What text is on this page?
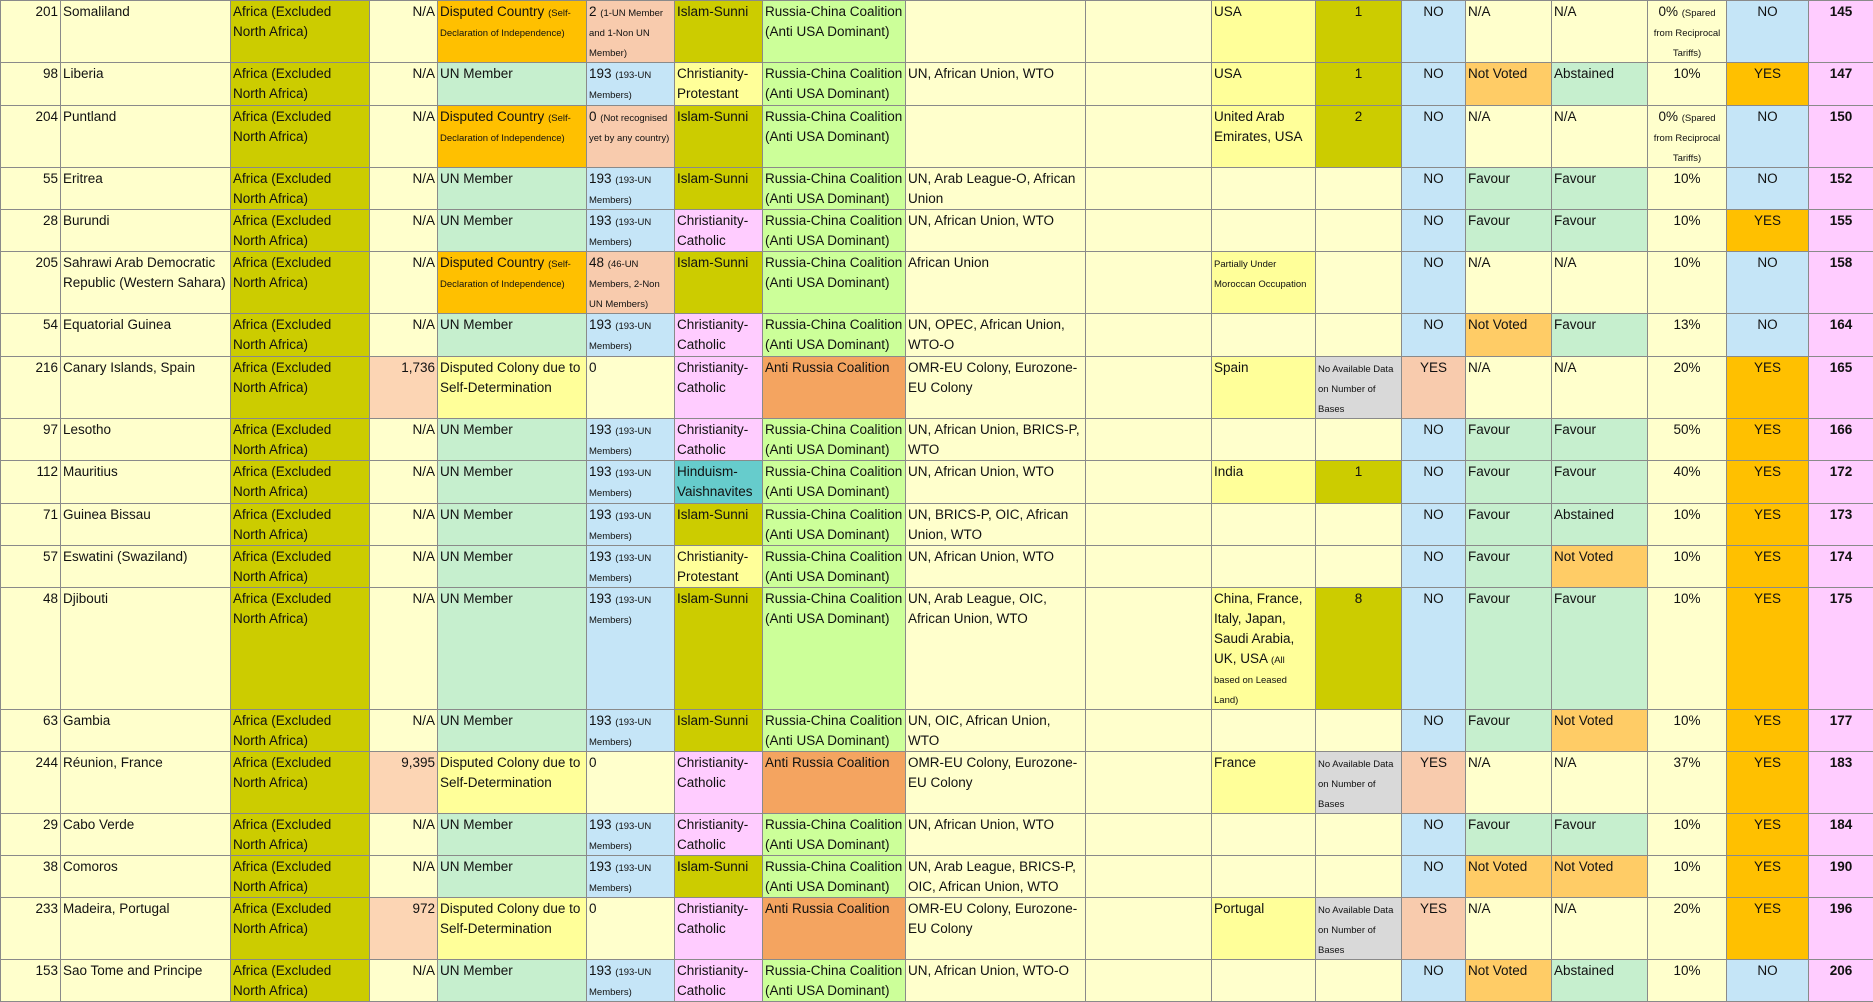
201	Somaliland	Africa (Excluded North Africa)	N/A	Disputed Country (Self-Declaration of Independence)	2 (1-UN Member and 1-Non UN Member)	Islam-Sunni	Russia-China Coalition (Anti USA Dominant)			USA	1	NO	N/A	N/A	0% (Spared from Reciprocal Tariffs)	NO	145
98	Liberia	Africa (Excluded North Africa)	N/A	UN Member	193 (193-UN Members)	Christianity-Protestant	Russia-China Coalition (Anti USA Dominant)	UN, African Union, WTO		USA	1	NO	Not Voted	Abstained	10%	YES	147
204	Puntland	Africa (Excluded North Africa)	N/A	Disputed Country (Self-Declaration of Independence)	0 (Not recognised yet by any country)	Islam-Sunni	Russia-China Coalition (Anti USA Dominant)			United Arab Emirates, USA	2	NO	N/A	N/A	0% (Spared from Reciprocal Tariffs)	NO	150
55	Eritrea	Africa (Excluded North Africa)	N/A	UN Member	193 (193-UN Members)	Islam-Sunni	Russia-China Coalition (Anti USA Dominant)	UN, Arab League-O, African Union				NO	Favour	Favour	10%	NO	152
28	Burundi	Africa (Excluded North Africa)	N/A	UN Member	193 (193-UN Members)	Christianity-Catholic	Russia-China Coalition (Anti USA Dominant)	UN, African Union, WTO				NO	Favour	Favour	10%	YES	155
205	Sahrawi Arab Democratic Republic (Western Sahara)	Africa (Excluded North Africa)	N/A	Disputed Country (Self-Declaration of Independence)	48 (46-UN Members, 2-Non UN Members)	Islam-Sunni	Russia-China Coalition (Anti USA Dominant)	African Union		Partially Under Moroccan Occupation		NO	N/A	N/A	10%	NO	158
54	Equatorial Guinea	Africa (Excluded North Africa)	N/A	UN Member	193 (193-UN Members)	Christianity-Catholic	Russia-China Coalition (Anti USA Dominant)	UN, OPEC, African Union, WTO-O				NO	Not Voted	Favour	13%	NO	164
216	Canary Islands, Spain	Africa (Excluded North Africa)	1,736	Disputed Colony due to Self-Determination	0	Christianity-Catholic	Anti Russia Coalition	OMR-EU Colony, Eurozone-EU Colony		Spain	No Available Data on Number of Bases	YES	N/A	N/A	20%	YES	165
97	Lesotho	Africa (Excluded North Africa)	N/A	UN Member	193 (193-UN Members)	Christianity-Catholic	Russia-China Coalition (Anti USA Dominant)	UN, African Union, BRICS-P, WTO				NO	Favour	Favour	50%	YES	166
112	Mauritius	Africa (Excluded North Africa)	N/A	UN Member	193 (193-UN Members)	Hinduism-Vaishnavites	Russia-China Coalition (Anti USA Dominant)	UN, African Union, WTO		India	1	NO	Favour	Favour	40%	YES	172
71	Guinea Bissau	Africa (Excluded North Africa)	N/A	UN Member	193 (193-UN Members)	Islam-Sunni	Russia-China Coalition (Anti USA Dominant)	UN, BRICS-P, OIC, African Union, WTO				NO	Favour	Abstained	10%	YES	173
57	Eswatini (Swaziland)	Africa (Excluded North Africa)	N/A	UN Member	193 (193-UN Members)	Christianity-Protestant	Russia-China Coalition (Anti USA Dominant)	UN, African Union, WTO				NO	Favour	Not Voted	10%	YES	174
48	Djibouti	Africa (Excluded North Africa)	N/A	UN Member	193 (193-UN Members)	Islam-Sunni	Russia-China Coalition (Anti USA Dominant)	UN, Arab League, OIC, African Union, WTO		China, France, Italy, Japan, Saudi Arabia, UK, USA (All based on Leased Land)	8	NO	Favour	Favour	10%	YES	175
63	Gambia	Africa (Excluded North Africa)	N/A	UN Member	193 (193-UN Members)	Islam-Sunni	Russia-China Coalition (Anti USA Dominant)	UN, OIC, African Union, WTO				NO	Favour	Not Voted	10%	YES	177
244	Réunion, France	Africa (Excluded North Africa)	9,395	Disputed Colony due to Self-Determination	0	Christianity-Catholic	Anti Russia Coalition	OMR-EU Colony, Eurozone-EU Colony		France	No Available Data on Number of Bases	YES	N/A	N/A	37%	YES	183
29	Cabo Verde	Africa (Excluded North Africa)	N/A	UN Member	193 (193-UN Members)	Christianity-Catholic	Russia-China Coalition (Anti USA Dominant)	UN, African Union, WTO				NO	Favour	Favour	10%	YES	184
38	Comoros	Africa (Excluded North Africa)	N/A	UN Member	193 (193-UN Members)	Islam-Sunni	Russia-China Coalition (Anti USA Dominant)	UN, Arab League, BRICS-P, OIC, African Union, WTO				NO	Not Voted	Not Voted	10%	YES	190
233	Madeira, Portugal	Africa (Excluded North Africa)	972	Disputed Colony due to Self-Determination	0	Christianity-Catholic	Anti Russia Coalition	OMR-EU Colony, Eurozone-EU Colony		Portugal	No Available Data on Number of Bases	YES	N/A	N/A	20%	YES	196
153	Sao Tome and Principe	Africa (Excluded North Africa)	N/A	UN Member	193 (193-UN Members)	Christianity-Catholic	Russia-China Coalition (Anti USA Dominant)	UN, African Union, WTO-O				NO	Not Voted	Abstained	10%	NO	206
